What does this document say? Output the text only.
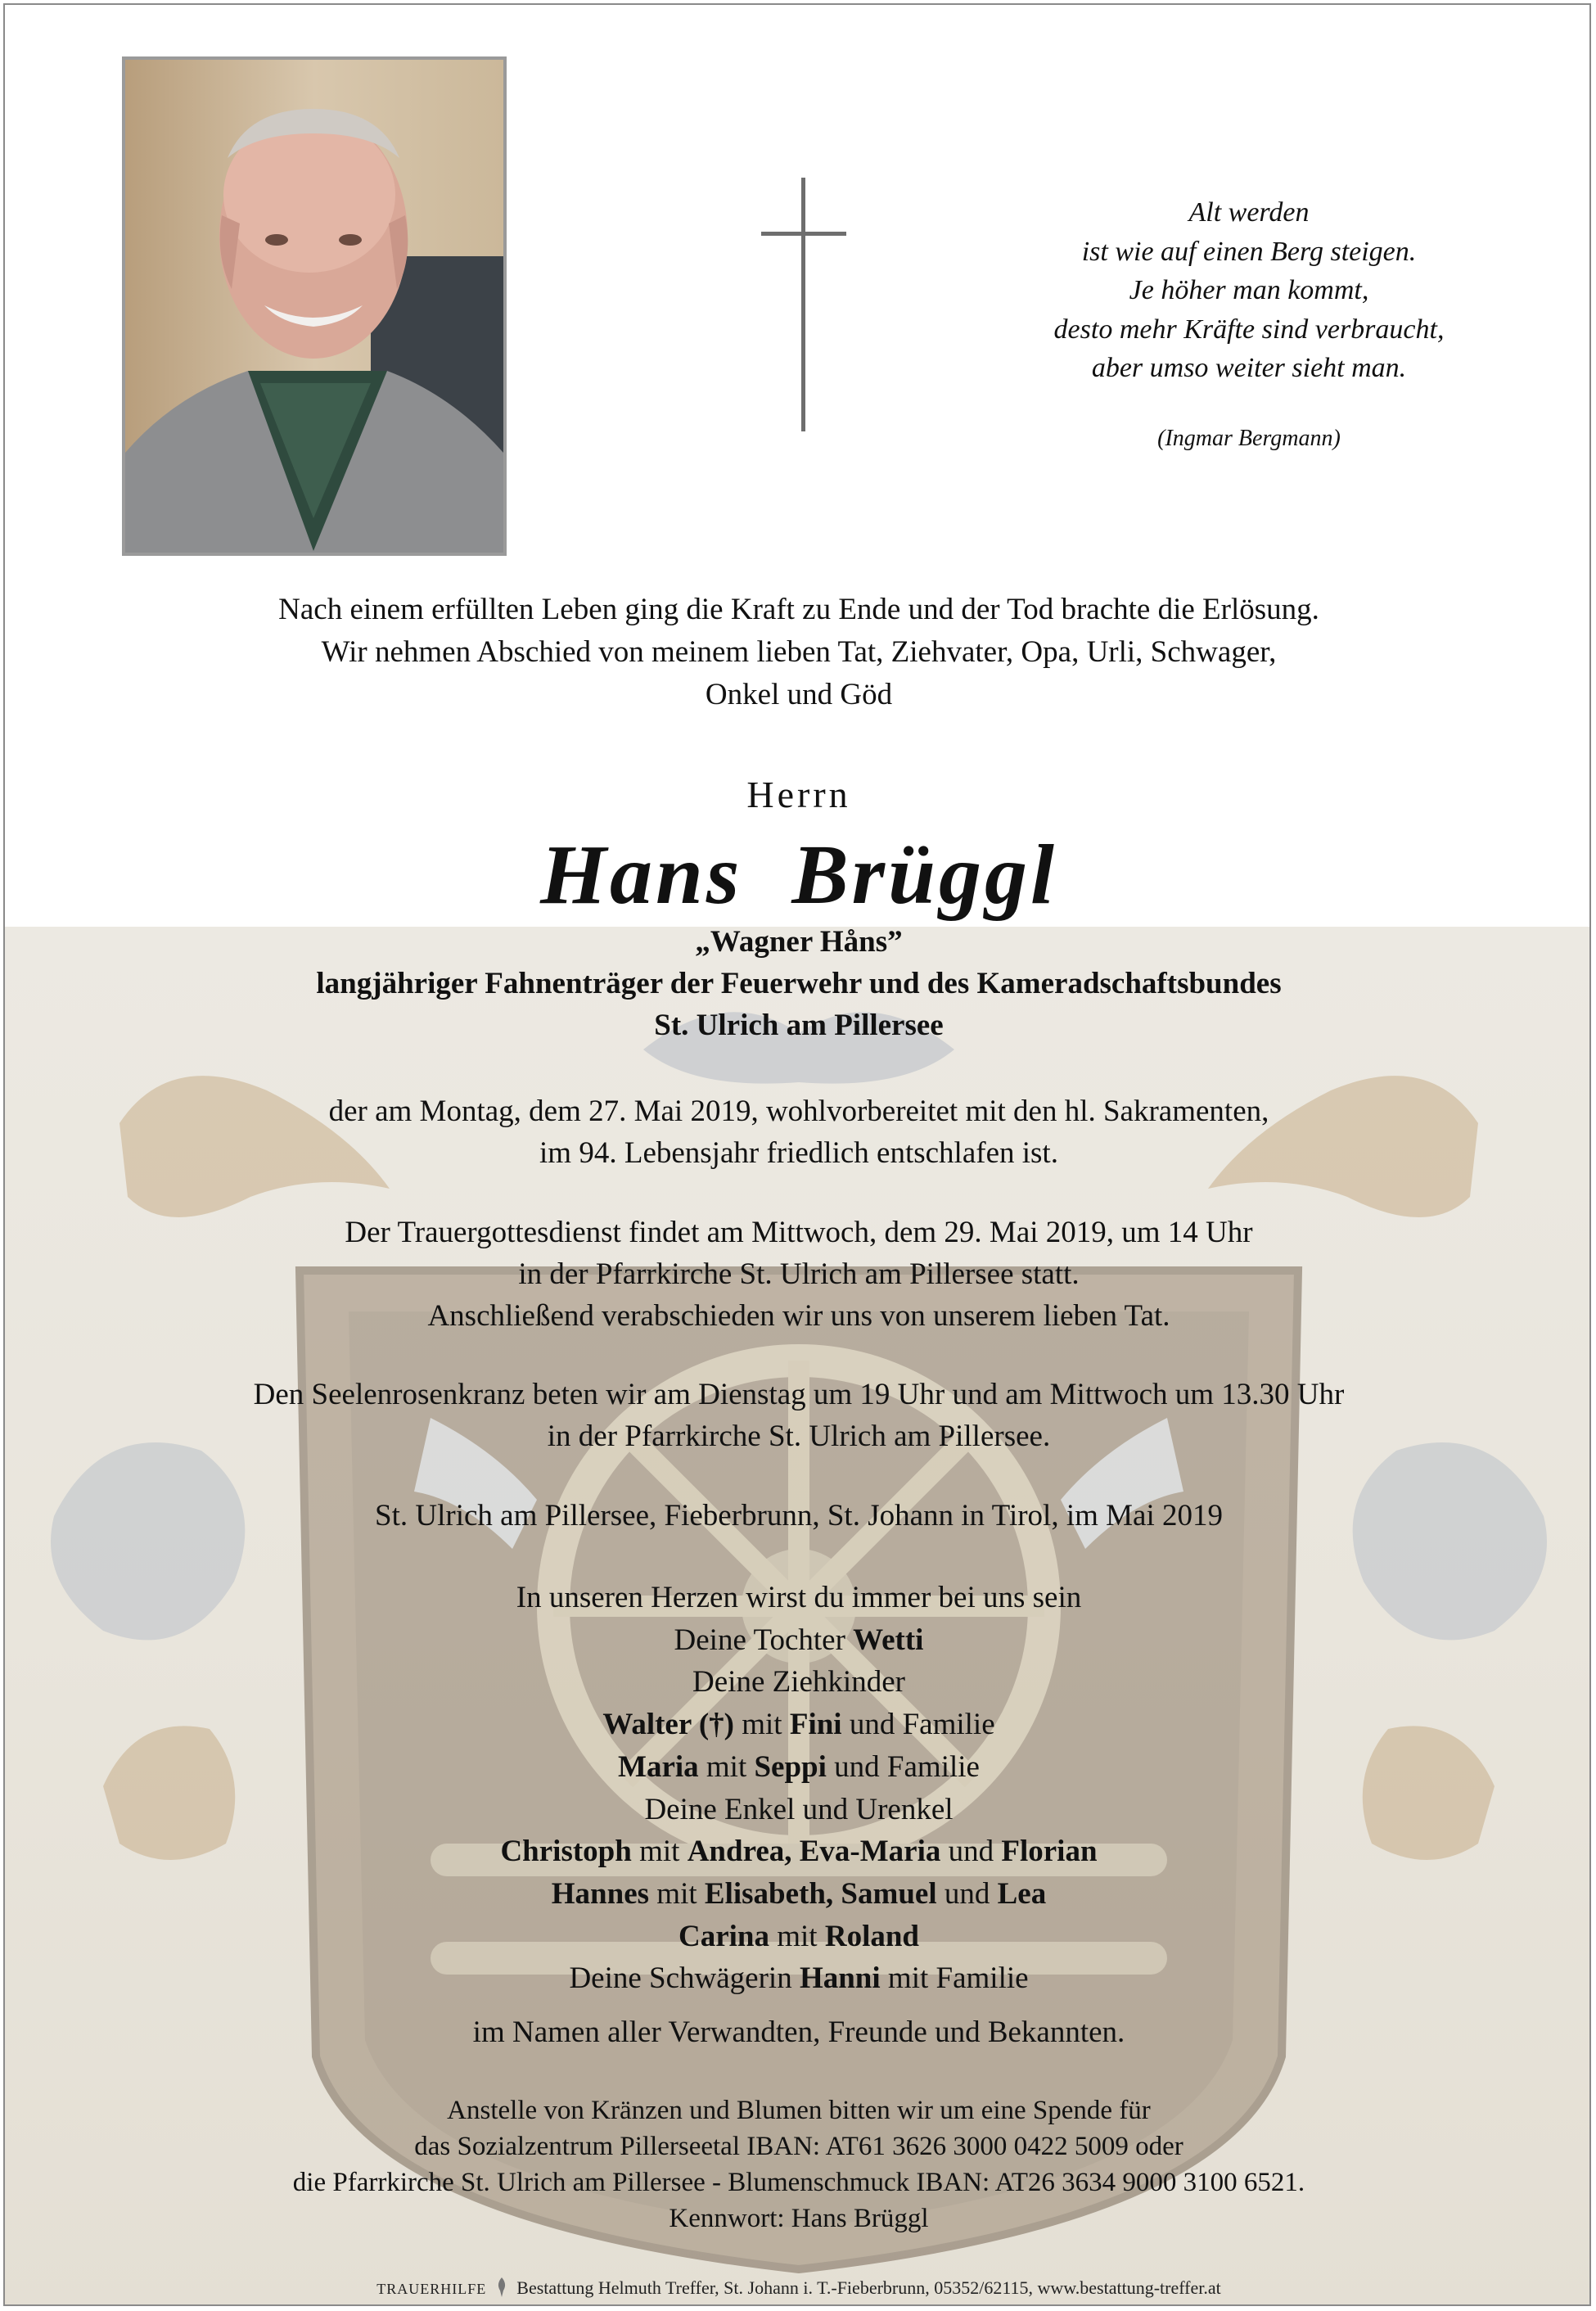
Alt werden
ist wie auf einen Berg steigen.
Je höher man kommt,
desto mehr Kräfte sind verbraucht,
aber umso weiter sieht man.
(Ingmar Bergmann)
Nach einem erfüllten Leben ging die Kraft zu Ende und der Tod brachte die Erlösung.
Wir nehmen Abschied von meinem lieben Tat, Ziehvater, Opa, Urli, Schwager,
Onkel und Göd
Herrn
Hans Brüggl
„Wagner Håns”
langjähriger Fahnenträger der Feuerwehr und des Kameradschaftsbundes
St. Ulrich am Pillersee
der am Montag, dem 27. Mai 2019, wohlvorbereitet mit den hl. Sakramenten,
im 94. Lebensjahr friedlich entschlafen ist.
Der Trauergottesdienst findet am Mittwoch, dem 29. Mai 2019, um 14 Uhr
in der Pfarrkirche St. Ulrich am Pillersee statt.
Anschließend verabschieden wir uns von unserem lieben Tat.
Den Seelenrosenkranz beten wir am Dienstag um 19 Uhr und am Mittwoch um 13.30 Uhr
in der Pfarrkirche St. Ulrich am Pillersee.
St. Ulrich am Pillersee, Fieberbrunn, St. Johann in Tirol, im Mai 2019
In unseren Herzen wirst du immer bei uns sein
Deine Tochter Wetti
Deine Ziehkinder
Walter (†) mit Fini und Familie
Maria mit Seppi und Familie
Deine Enkel und Urenkel
Christoph mit Andrea, Eva-Maria und Florian
Hannes mit Elisabeth, Samuel und Lea
Carina mit Roland
Deine Schwägerin Hanni mit Familie
im Namen aller Verwandten, Freunde und Bekannten.
Anstelle von Kränzen und Blumen bitten wir um eine Spende für
das Sozialzentrum Pillerseetal IBAN: AT61 3626 3000 0422 5009 oder
die Pfarrkirche St. Ulrich am Pillersee - Blumenschmuck IBAN: AT26 3634 9000 3100 6521.
Kennwort: Hans Brüggl
TRAUERHILFE Bestattung Helmuth Treffer, St. Johann i. T.-Fieberbrunn, 05352/62115, www.bestattung-treffer.at
